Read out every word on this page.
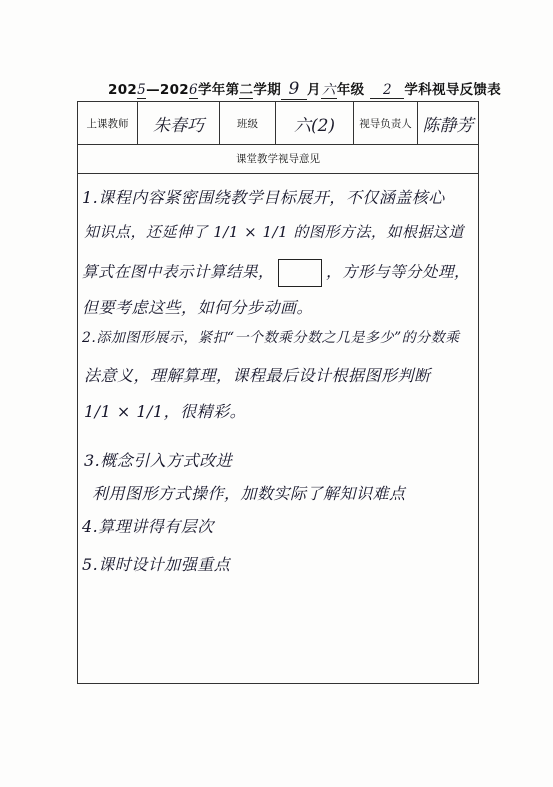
2025—2026学年第二学期 9 月六年级 2 学科视导反馈表
上课教师	朱春巧	班级	六(2)	视导负责人 陈静芳
课堂教学视导意见
1.课程内容紧密围绕教学目标展开，不仅涵盖核心
知识点，还延伸了 1/1 × 1/1 的图形方法，如根据这道
算式在图中表示计算结果，	，方形与等分处理，
但要考虑这些，如何分步动画。
2.添加图形展示，紧扣“一个数乘分数之几是多少”的分数乘
法意义，理解算理，课程最后设计根据图形判断
1/1 × 1/1，很精彩。
3.概念引入方式改进
利用图形方式操作，加数实际了解知识难点
4.算理讲得有层次
5.课时设计加强重点
